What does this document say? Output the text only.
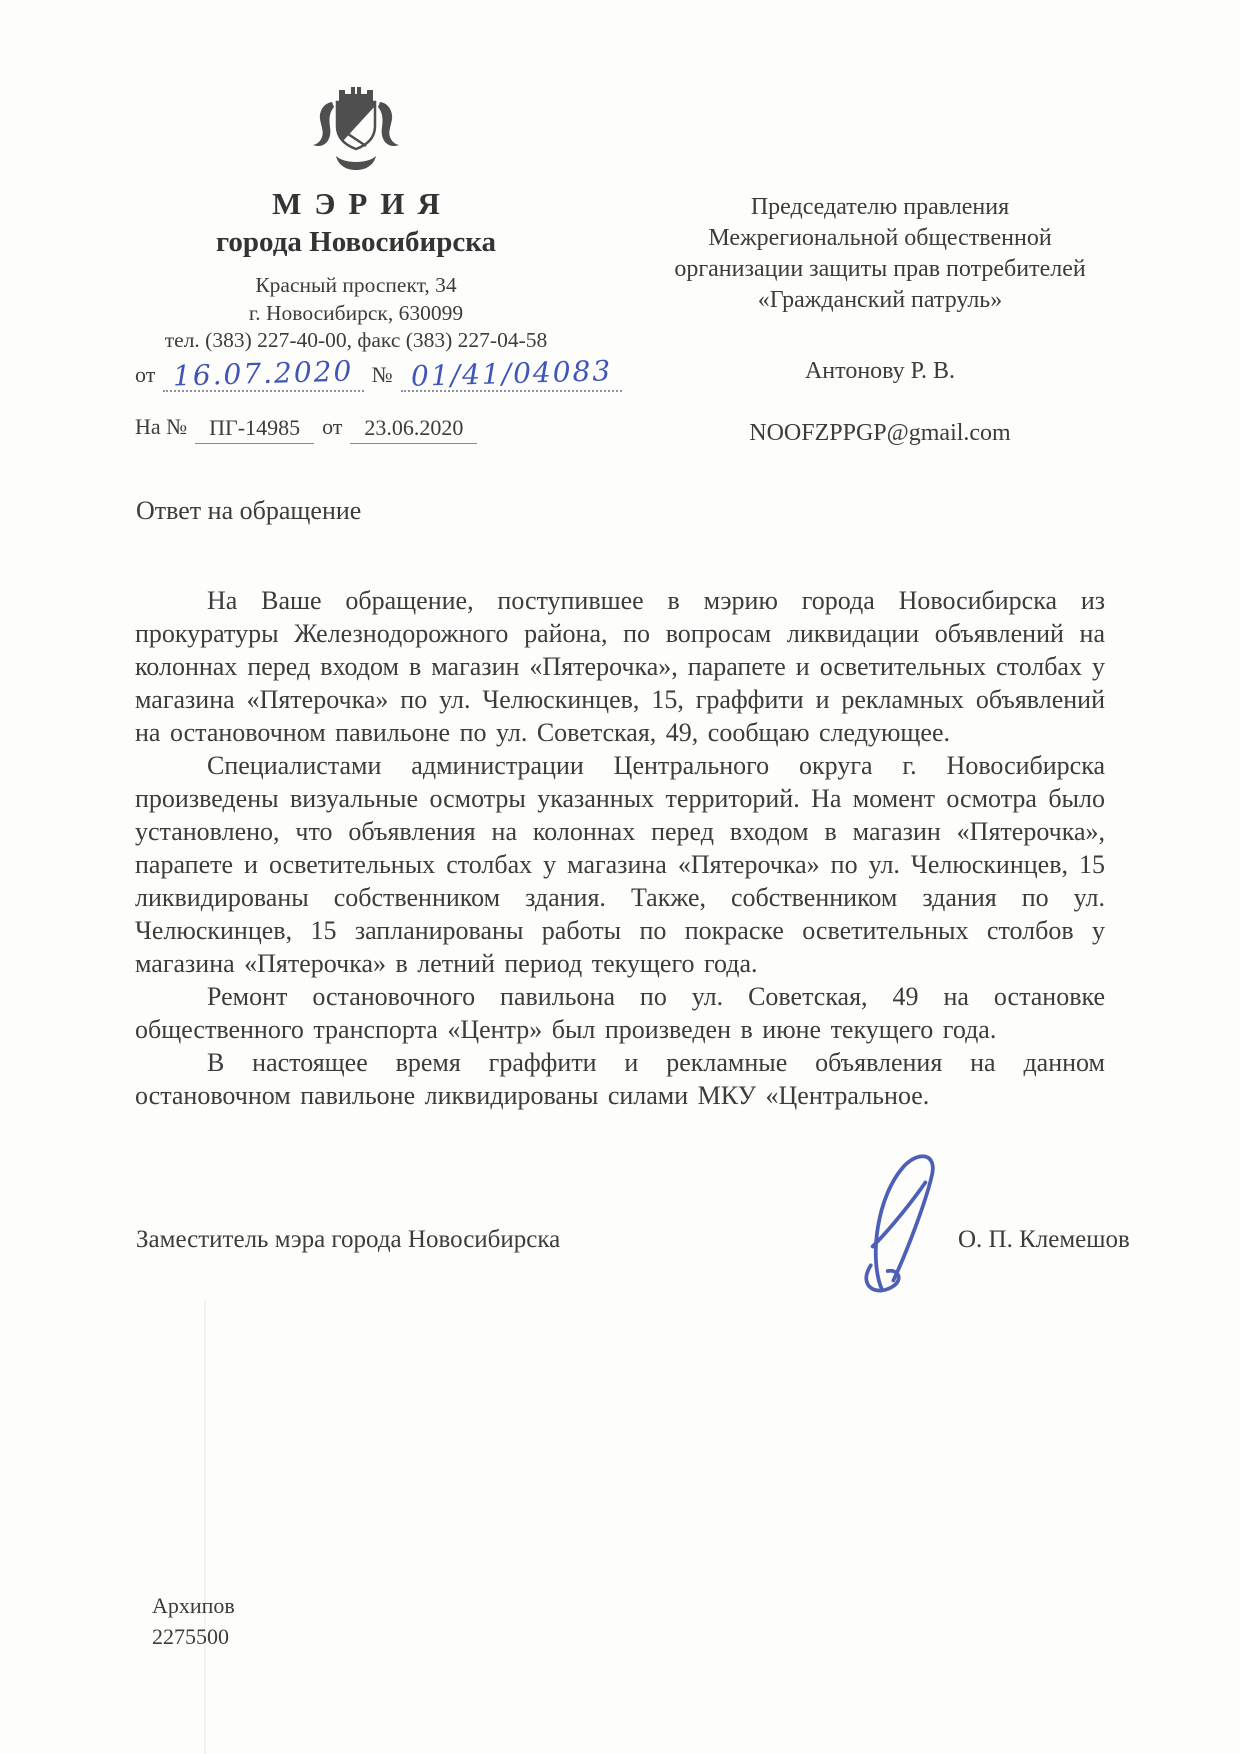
МЭРИЯ
города Новосибирска
Красный проспект, 34
г. Новосибирск, 630099
тел. (383) 227-40-00, факс (383) 227-04-58
от 16.07.2020 № 01/41/04083
На №	ПГ-14985	от	23.06.2020
Председателю правления
Межрегиональной общественной
организации защиты прав потребителей
«Гражданский патруль»
Антонову Р. В.
NOOFZPPGP@gmail.com
Ответ на обращение

На Ваше обращение, поступившее в мэрию города Новосибирска из прокуратуры Железнодорожного района, по вопросам ликвидации объявлений на колоннах перед входом в магазин «Пятерочка», парапете и осветительных столбах у магазина «Пятерочка» по ул. Челюскинцев, 15, граффити и рекламных объявлений на остановочном павильоне по ул. Советская, 49, сообщаю следующее.

Специалистами администрации Центрального округа г. Новосибирска произведены визуальные осмотры указанных территорий. На момент осмотра было установлено, что объявления на колоннах перед входом в магазин «Пятерочка», парапете и осветительных столбах у магазина «Пятерочка» по ул. Челюскинцев, 15 ликвидированы собственником здания. Также, собственником здания по ул. Челюскинцев, 15 запланированы работы по покраске осветительных столбов у магазина «Пятерочка» в летний период текущего года.

Ремонт остановочного павильона по ул. Советская, 49 на остановке общественного транспорта «Центр» был произведен в июне текущего года.

В настоящее время граффити и рекламные объявления на данном остановочном павильоне ликвидированы силами МКУ «Центральное.

Заместитель мэра города Новосибирска	О. П. Клемешов
Архипов
2275500
